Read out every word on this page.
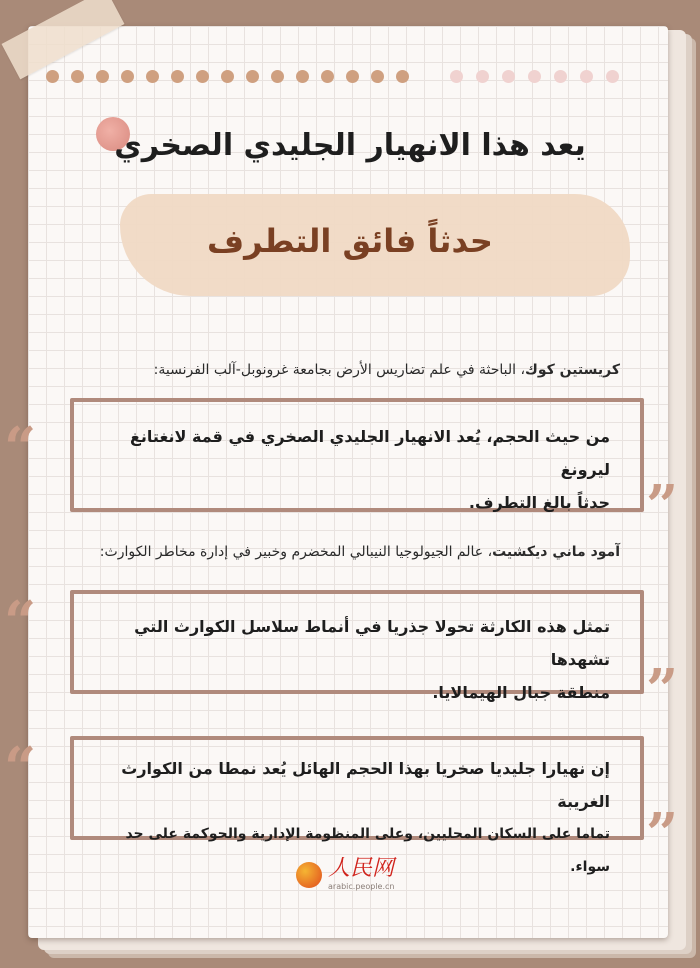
يعد هذا الانهيار الجليدي الصخري
حدثاً فائق التطرف
كريستين كوك، الباحثة في علم تضاريس الأرض بجامعة غرونوبل-آلب الفرنسية:
من حيث الحجم، يُعد الانهيار الجليدي الصخري في قمة لانغتانغ ليرونغ
حدثاً بالغ التطرف.
“
”
آمود ماني ديكشيت، عالم الجيولوجيا النيبالي المخضرم وخبير في إدارة مخاطر الكوارث:
تمثل هذه الكارثة تحولا جذريا في أنماط سلاسل الكوارث التي تشهدها
منطقة جبال الهيمالايا.
“
”
إن نهيارا جليديا صخريا بهذا الحجم الهائل يُعد نمطا من الكوارث الغريبة
تماما على السكان المحليين، وعلى المنظومة الإدارية والحوكمة على حد سواء.
“
”
人民网
arabic.people.cn
